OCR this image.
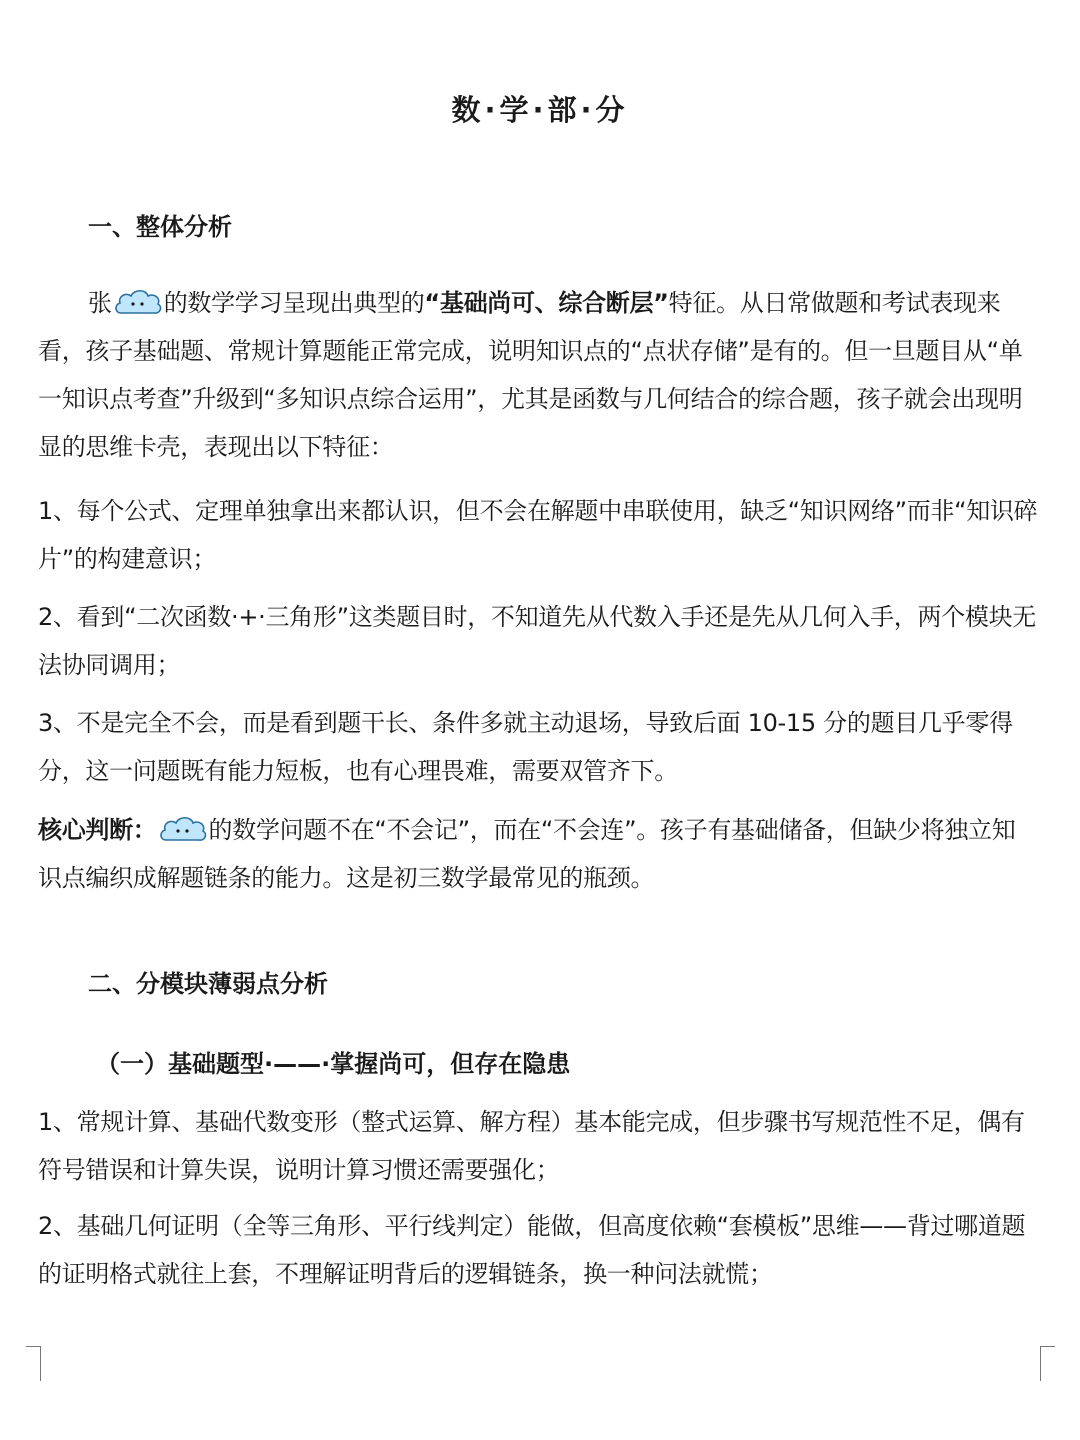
数·学·部·分
一、整体分析
张 的数学学习呈现出典型的“基础尚可、综合断层”特征。从日常做题和考试表现来看，孩子基础题、常规计算题能正常完成，说明知识点的“点状存储”是有的。但一旦题目从“单一知识点考查”升级到“多知识点综合运用”，尤其是函数与几何结合的综合题，孩子就会出现明显的思维卡壳，表现出以下特征：
1、每个公式、定理单独拿出来都认识，但不会在解题中串联使用，缺乏“知识网络”而非“知识碎片”的构建意识；
2、看到“二次函数·+·三角形”这类题目时，不知道先从代数入手还是先从几何入手，两个模块无法协同调用；
3、不是完全不会，而是看到题干长、条件多就主动退场，导致后面 10-15 分的题目几乎零得分，这一问题既有能力短板，也有心理畏难，需要双管齐下。
核心判断： 的数学问题不在“不会记”，而在“不会连”。孩子有基础储备，但缺少将独立知识点编织成解题链条的能力。这是初三数学最常见的瓶颈。
二、分模块薄弱点分析
（一）基础题型·——·掌握尚可，但存在隐患
1、常规计算、基础代数变形（整式运算、解方程）基本能完成，但步骤书写规范性不足，偶有符号错误和计算失误，说明计算习惯还需要强化；
2、基础几何证明（全等三角形、平行线判定）能做，但高度依赖“套模板”思维——背过哪道题的证明格式就往上套，不理解证明背后的逻辑链条，换一种问法就慌；
